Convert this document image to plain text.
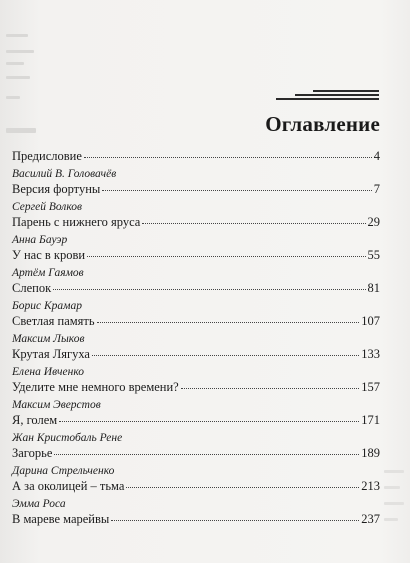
Оглавление
Предисловие	4
Василий В. Головачёв
Версия фортуны	7
Сергей Волков
Парень с нижнего яруса	29
Анна Бауэр
У нас в крови	55
Артём Гаямов
Слепок	81
Борис Крамар
Светлая память	107
Максим Лыков
Крутая Лягуха	133
Елена Ивченко
Уделите мне немного времени?	157
Максим Эверстов
Я, голем	171
Жан Кристобаль Рене
Загорье	189
Дарина Стрельченко
А за околицей – тьма	213
Эмма Роса
В мареве марейвы	237
